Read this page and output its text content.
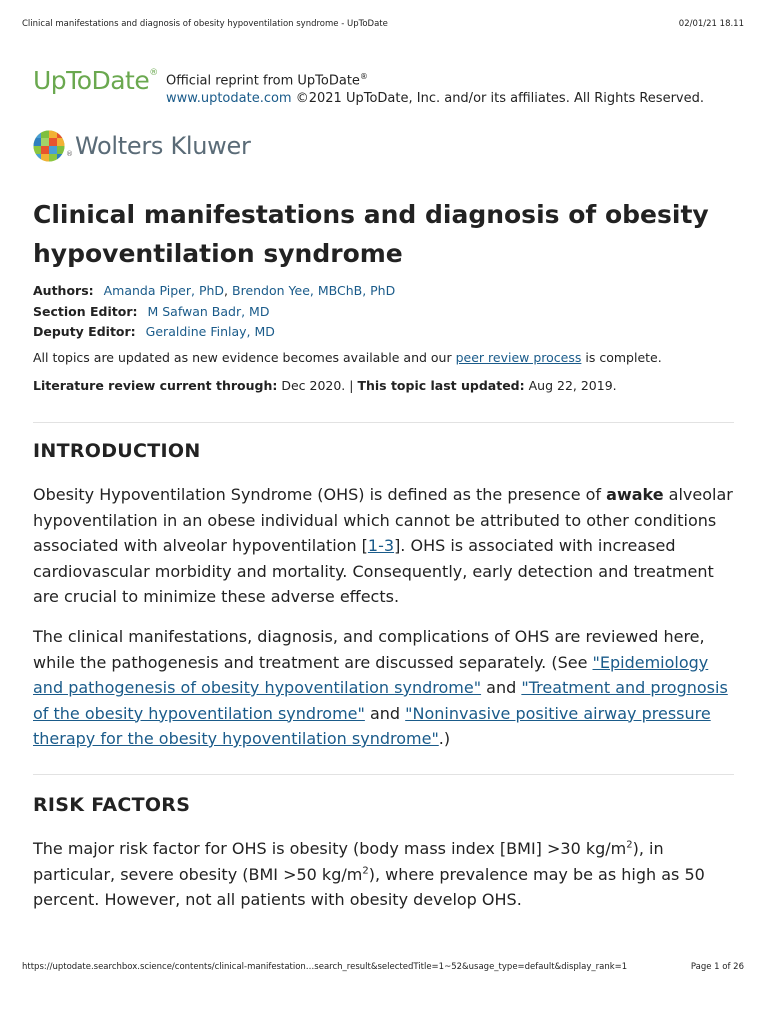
Clinical manifestations and diagnosis of obesity hypoventilation syndrome - UpToDate	02/01/21 18.11
UpToDate®
Official reprint from UpToDate®
www.uptodate.com ©2021 UpToDate, Inc. and/or its affiliates. All Rights Reserved.
® Wolters Kluwer
Clinical manifestations and diagnosis of obesity hypoventilation syndrome
Authors: Amanda Piper, PhD, Brendon Yee, MBChB, PhD
Section Editor: M Safwan Badr, MD
Deputy Editor: Geraldine Finlay, MD
All topics are updated as new evidence becomes available and our peer review process is complete.
Literature review current through: Dec 2020. | This topic last updated: Aug 22, 2019.
INTRODUCTION

Obesity Hypoventilation Syndrome (OHS) is defined as the presence of awake alveolar hypoventilation in an obese individual which cannot be attributed to other conditions associated with alveolar hypoventilation [1-3]. OHS is associated with increased cardiovascular morbidity and mortality. Consequently, early detection and treatment are crucial to minimize these adverse effects.

The clinical manifestations, diagnosis, and complications of OHS are reviewed here, while the pathogenesis and treatment are discussed separately. (See "Epidemiology and pathogenesis of obesity hypoventilation syndrome" and "Treatment and prognosis of the obesity hypoventilation syndrome" and "Noninvasive positive airway pressure therapy for the obesity hypoventilation syndrome".)

RISK FACTORS

The major risk factor for OHS is obesity (body mass index [BMI] >30 $kg/m^2$), in particular, severe obesity (BMI >50 $kg/m^2$), where prevalence may be as high as 50 percent. However, not all patients with obesity develop OHS.

https://uptodate.searchbox.science/contents/clinical-manifestation…search_result&selectedTitle=1~52&usage_type=default&display_rank=1	Page 1 of 26
